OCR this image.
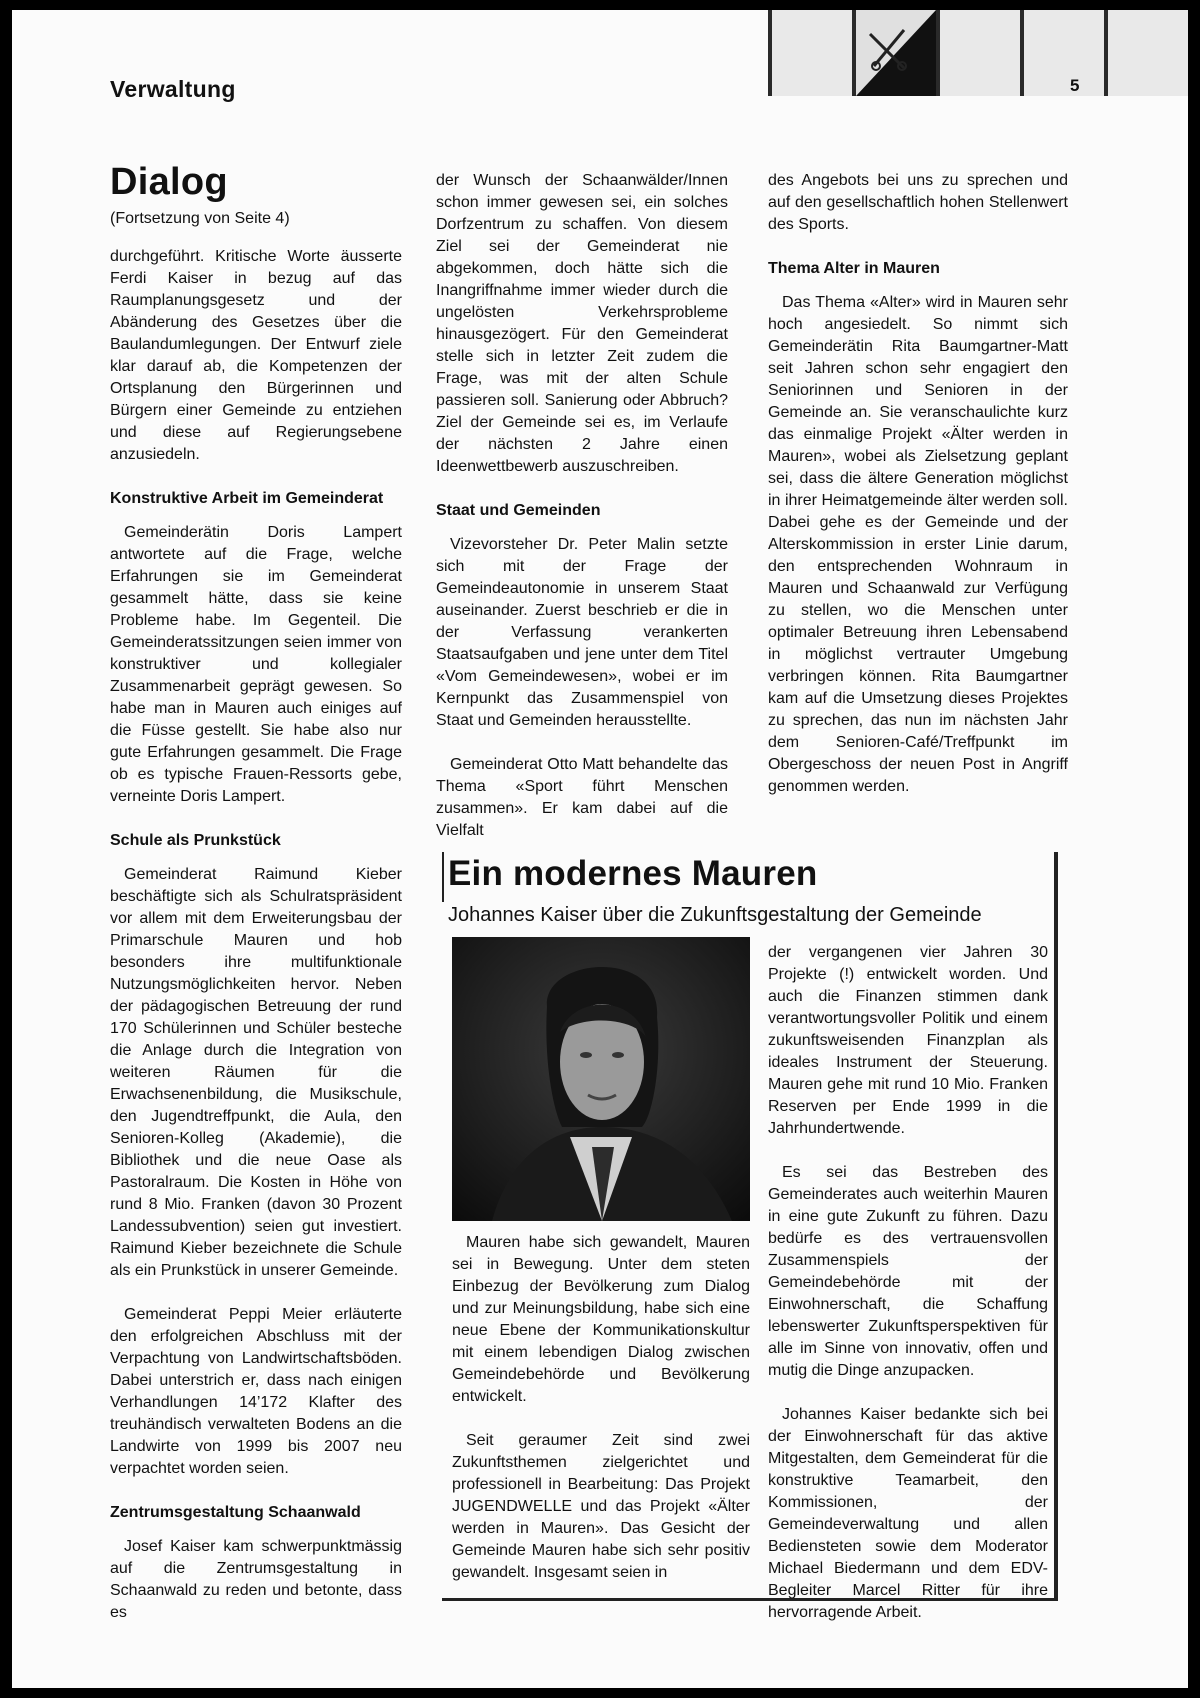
Verwaltung	5
Dialog

(Fortsetzung von Seite 4)

durchgeführt. Kritische Worte äusserte Ferdi Kaiser in bezug auf das Raumplanungsgesetz und der Abänderung des Gesetzes über die Baulandumlegungen. Der Entwurf ziele klar darauf ab, die Kompetenzen der Ortsplanung den Bürgerinnen und Bürgern einer Gemeinde zu entziehen und diese auf Regierungsebene anzusiedeln.

Konstruktive Arbeit im Gemeinderat

Gemeinderätin Doris Lampert antwortete auf die Frage, welche Erfahrungen sie im Gemeinderat gesammelt hätte, dass sie keine Probleme habe. Im Gegenteil. Die Gemeinderatssitzungen seien immer von konstruktiver und kollegialer Zusammenarbeit geprägt gewesen. So habe man in Mauren auch einiges auf die Füsse gestellt. Sie habe also nur gute Erfahrungen gesammelt. Die Frage ob es typische Frauen-Ressorts gebe, verneinte Doris Lampert.

Schule als Prunkstück

Gemeinderat Raimund Kieber beschäftigte sich als Schulratspräsident vor allem mit dem Erweiterungsbau der Primarschule Mauren und hob besonders ihre multifunktionale Nutzungsmöglichkeiten hervor. Neben der pädagogischen Betreuung der rund 170 Schülerinnen und Schüler besteche die Anlage durch die Integration von weiteren Räumen für die Erwachsenenbildung, die Musikschule, den Jugendtreffpunkt, die Aula, den Senioren-Kolleg (Akademie), die Bibliothek und die neue Oase als Pastoralraum. Die Kosten in Höhe von rund 8 Mio. Franken (davon 30 Prozent Landessubvention) seien gut investiert. Raimund Kieber bezeichnete die Schule als ein Prunkstück in unserer Gemeinde.

Gemeinderat Peppi Meier erläuterte den erfolgreichen Abschluss mit der Verpachtung von Landwirtschaftsböden. Dabei unterstrich er, dass nach einigen Verhandlungen 14’172 Klafter des treuhändisch verwalteten Bodens an die Landwirte von 1999 bis 2007 neu verpachtet worden seien.

Zentrumsgestaltung Schaanwald

Josef Kaiser kam schwerpunktmässig auf die Zentrumsgestaltung in Schaanwald zu reden und betonte, dass es

der Wunsch der Schaanwälder/Innen schon immer gewesen sei, ein solches Dorfzentrum zu schaffen. Von diesem Ziel sei der Gemeinderat nie abgekommen, doch hätte sich die Inangriffnahme immer wieder durch die ungelösten Verkehrsprobleme hinausgezögert. Für den Gemeinderat stelle sich in letzter Zeit zudem die Frage, was mit der alten Schule passieren soll. Sanierung oder Abbruch? Ziel der Gemeinde sei es, im Verlaufe der nächsten 2 Jahre einen Ideenwettbewerb auszuschreiben.

Staat und Gemeinden

Vizevorsteher Dr. Peter Malin setzte sich mit der Frage der Gemeindeautonomie in unserem Staat auseinander. Zuerst beschrieb er die in der Verfassung verankerten Staatsaufgaben und jene unter dem Titel «Vom Gemeindewesen», wobei er im Kernpunkt das Zusammenspiel von Staat und Gemeinden herausstellte.

Gemeinderat Otto Matt behandelte das Thema «Sport führt Menschen zusammen». Er kam dabei auf die Vielfalt

des Angebots bei uns zu sprechen und auf den gesellschaftlich hohen Stellenwert des Sports.

Thema Alter in Mauren

Das Thema «Alter» wird in Mauren sehr hoch angesiedelt. So nimmt sich Gemeinderätin Rita Baumgartner-Matt seit Jahren schon sehr engagiert den Seniorinnen und Senioren in der Gemeinde an. Sie veranschaulichte kurz das einmalige Projekt «Älter werden in Mauren», wobei als Zielsetzung geplant sei, dass die ältere Generation möglichst in ihrer Heimatgemeinde älter werden soll. Dabei gehe es der Gemeinde und der Alterskommission in erster Linie darum, den entsprechenden Wohnraum in Mauren und Schaanwald zur Verfügung zu stellen, wo die Menschen unter optimaler Betreuung ihren Lebensabend in möglichst vertrauter Umgebung verbringen können. Rita Baumgartner kam auf die Umsetzung dieses Projektes zu sprechen, das nun im nächsten Jahr dem Senioren-Café/Treffpunkt im Obergeschoss der neuen Post in Angriff genommen werden.

Ein modernes Mauren
Johannes Kaiser über die Zukunftsgestaltung der Gemeinde

Mauren habe sich gewandelt, Mauren sei in Bewegung. Unter dem steten Einbezug der Bevölkerung zum Dialog und zur Meinungsbildung, habe sich eine neue Ebene der Kommunikationskultur mit einem lebendigen Dialog zwischen Gemeindebehörde und Bevölkerung entwickelt.

Seit geraumer Zeit sind zwei Zukunftsthemen zielgerichtet und professionell in Bearbeitung: Das Projekt JUGENDWELLE und das Projekt «Älter werden in Mauren». Das Gesicht der Gemeinde Mauren habe sich sehr positiv gewandelt. Insgesamt seien in

der vergangenen vier Jahren 30 Projekte (!) entwickelt worden. Und auch die Finanzen stimmen dank verantwortungsvoller Politik und einem zukunftsweisenden Finanzplan als ideales Instrument der Steuerung. Mauren gehe mit rund 10 Mio. Franken Reserven per Ende 1999 in die Jahrhundertwende.

Es sei das Bestreben des Gemeinderates auch weiterhin Mauren in eine gute Zukunft zu führen. Dazu bedürfe es des vertrauensvollen Zusammenspiels der Gemeindebehörde mit der Einwohnerschaft, die Schaffung lebenswerter Zukunftsperspektiven für alle im Sinne von innovativ, offen und mutig die Dinge anzupacken.

Johannes Kaiser bedankte sich bei der Einwohnerschaft für das aktive Mitgestalten, dem Gemeinderat für die konstruktive Teamarbeit, den Kommissionen, der Gemeindeverwaltung und allen Bediensteten sowie dem Moderator Michael Biedermann und dem EDV-Begleiter Marcel Ritter für ihre hervorragende Arbeit.
